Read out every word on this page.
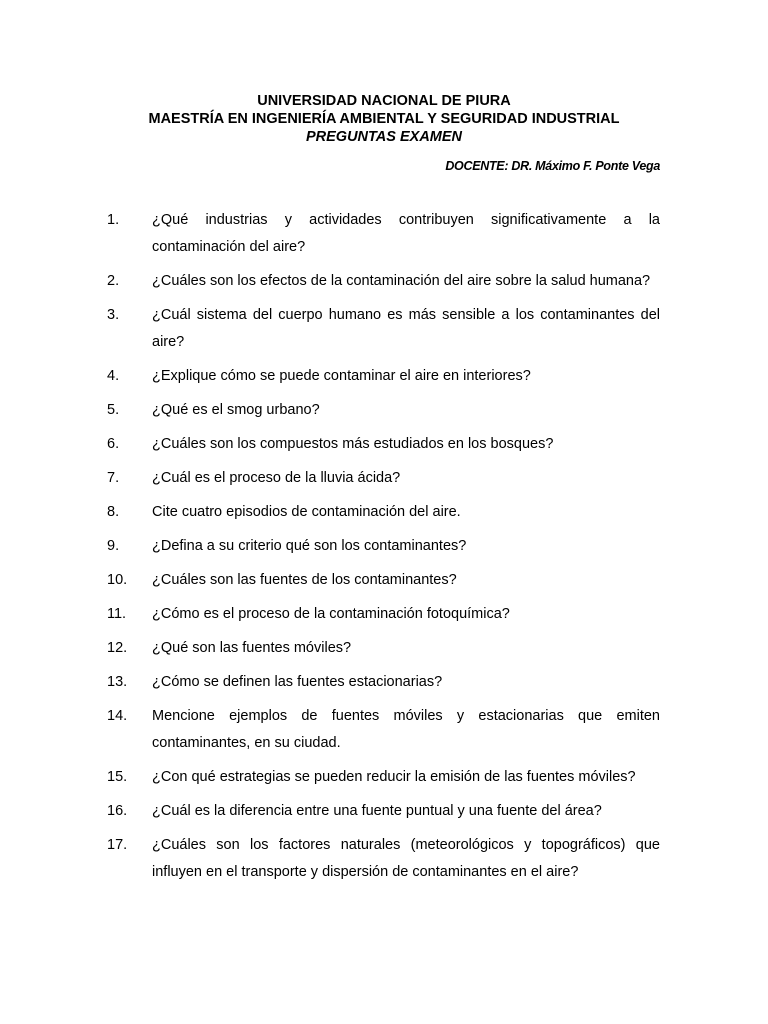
UNIVERSIDAD NACIONAL DE PIURA
MAESTRÍA EN INGENIERÍA AMBIENTAL Y SEGURIDAD INDUSTRIAL
PREGUNTAS EXAMEN
DOCENTE: DR. Máximo F. Ponte Vega
1. ¿Qué industrias y actividades contribuyen significativamente a la contaminación del aire?
2. ¿Cuáles son los efectos de la contaminación del aire sobre la salud humana?
3. ¿Cuál sistema del cuerpo humano es más sensible a los contaminantes del aire?
4. ¿Explique cómo se puede contaminar el aire en interiores?
5. ¿Qué es el smog urbano?
6. ¿Cuáles son los compuestos más estudiados en los bosques?
7. ¿Cuál es el proceso de la lluvia ácida?
8. Cite cuatro episodios de contaminación del aire.
9. ¿Defina a su criterio qué son los contaminantes?
10. ¿Cuáles son las fuentes de los contaminantes?
11. ¿Cómo es el proceso de la contaminación fotoquímica?
12. ¿Qué son las fuentes móviles?
13. ¿Cómo se definen las fuentes estacionarias?
14. Mencione ejemplos de fuentes móviles y estacionarias que emiten contaminantes, en su ciudad.
15. ¿Con qué estrategias se pueden reducir la emisión de las fuentes móviles?
16. ¿Cuál es la diferencia entre una fuente puntual y una fuente del área?
17. ¿Cuáles son los factores naturales (meteorológicos y topográficos) que influyen en el transporte y dispersión de contaminantes en el aire?
